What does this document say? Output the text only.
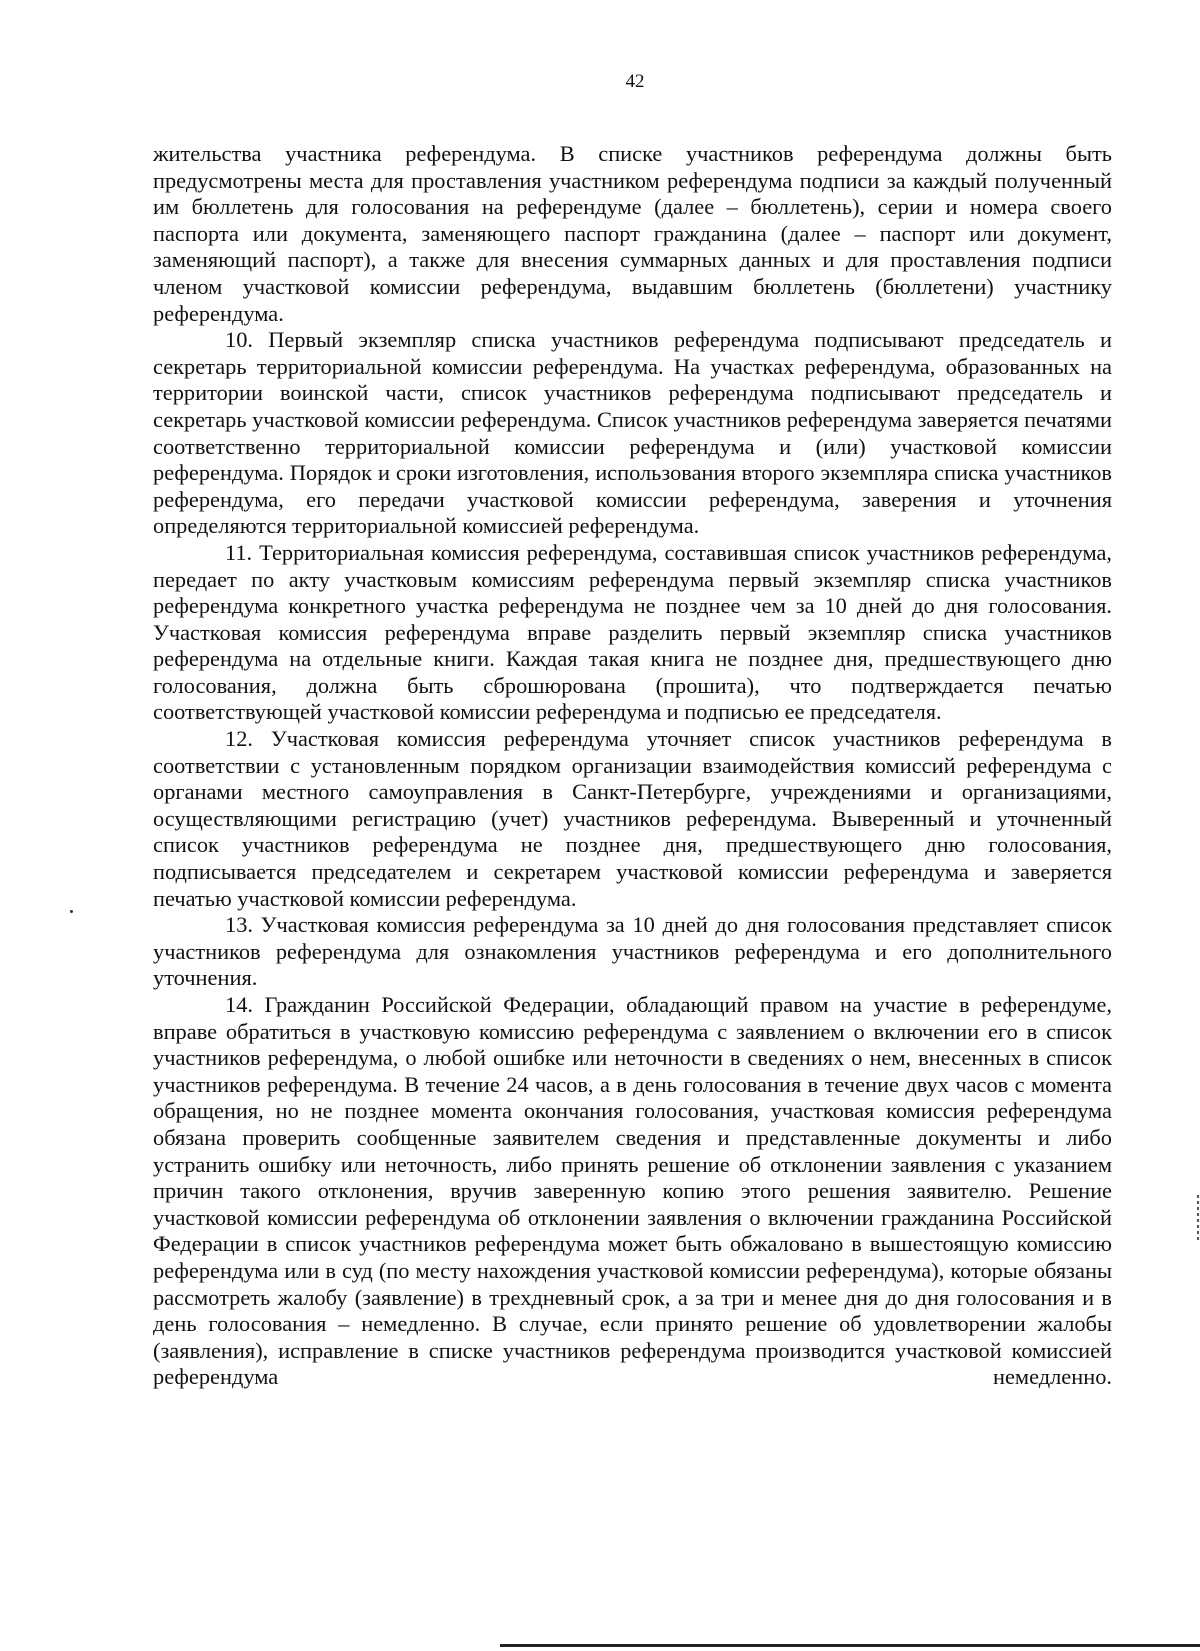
42

жительства участника референдума. В списке участников референдума должны быть предусмотрены места для проставления участником референдума подписи за каждый полученный им бюллетень для голосования на референдуме (далее – бюллетень), серии и номера своего паспорта или документа, заменяющего паспорт гражданина (далее – паспорт или документ, заменяющий паспорт), а также для внесения суммарных данных и для проставления подписи членом участковой комиссии референдума, выдавшим бюллетень (бюллетени) участнику референдума.

10. Первый экземпляр списка участников референдума подписывают председатель и секретарь территориальной комиссии референдума. На участках референдума, образованных на территории воинской части, список участников референдума подписывают председатель и секретарь участковой комиссии референдума. Список участников референдума заверяется печатями соответственно территориальной комиссии референдума и (или) участковой комиссии референдума. Порядок и сроки изготовления, использования второго экземпляра списка участников референдума, его передачи участковой комиссии референдума, заверения и уточнения определяются территориальной комиссией референдума.

11. Территориальная комиссия референдума, составившая список участников референдума, передает по акту участковым комиссиям референдума первый экземпляр списка участников референдума конкретного участка референдума не позднее чем за 10 дней до дня голосования. Участковая комиссия референдума вправе разделить первый экземпляр списка участников референдума на отдельные книги. Каждая такая книга не позднее дня, предшествующего дню голосования, должна быть сброшюрована (прошита), что подтверждается печатью соответствующей участковой комиссии референдума и подписью ее председателя.

12. Участковая комиссия референдума уточняет список участников референдума в соответствии с установленным порядком организации взаимодействия комиссий референдума с органами местного самоуправления в Санкт-Петербурге, учреждениями и организациями, осуществляющими регистрацию (учет) участников референдума. Выверенный и уточненный список участников референдума не позднее дня, предшествующего дню голосования, подписывается председателем и секретарем участковой комиссии референдума и заверяется печатью участковой комиссии референдума.

13. Участковая комиссия референдума за 10 дней до дня голосования представляет список участников референдума для ознакомления участников референдума и его дополнительного уточнения.

14. Гражданин Российской Федерации, обладающий правом на участие в референдуме, вправе обратиться в участковую комиссию референдума с заявлением о включении его в список участников референдума, о любой ошибке или неточности в сведениях о нем, внесенных в список участников референдума. В течение 24 часов, а в день голосования в течение двух часов с момента обращения, но не позднее момента окончания голосования, участковая комиссия референдума обязана проверить сообщенные заявителем сведения и представленные документы и либо устранить ошибку или неточность, либо принять решение об отклонении заявления с указанием причин такого отклонения, вручив заверенную копию этого решения заявителю. Решение участковой комиссии референдума об отклонении заявления о включении гражданина Российской Федерации в список участников референдума может быть обжаловано в вышестоящую комиссию референдума или в суд (по месту нахождения участковой комиссии референдума), которые обязаны рассмотреть жалобу (заявление) в трехдневный срок, а за три и менее дня до дня голосования и в день голосования – немедленно. В случае, если принято решение об удовлетворении жалобы (заявления), исправление в списке участников референдума производится участковой комиссией референдума немедленно.
